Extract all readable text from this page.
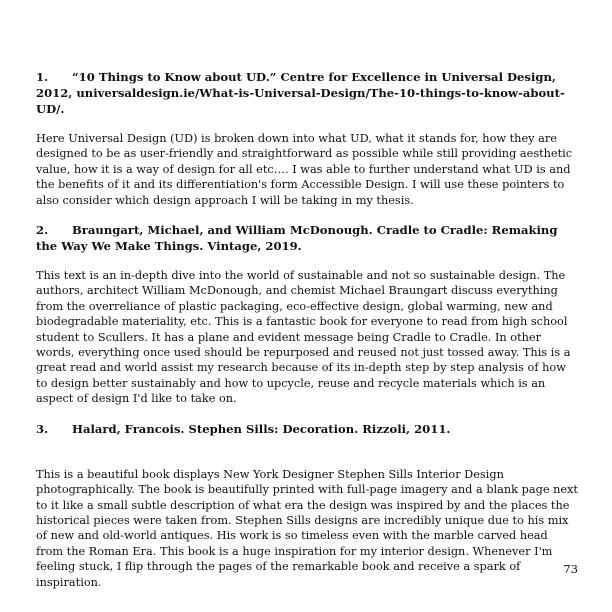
1. “10 Things to Know about UD.” Centre for Excellence in Universal Design, 2012, universaldesign.ie/What-is-Universal-Design/The-10-things-to-know-about-UD/.

Here Universal Design (UD) is broken down into what UD, what it stands for, how they are designed to be as user-friendly and straightforward as possible while still providing aesthetic value, how it is a way of design for all etc.… I was able to further understand what UD is and the benefits of it and its differentiation's form Accessible Design. I will use these pointers to also consider which design approach I will be taking in my thesis.

2. Braungart, Michael, and William McDonough. Cradle to Cradle: Remaking the Way We Make Things. Vintage, 2019.

This text is an in-depth dive into the world of sustainable and not so sustainable design. The authors, architect William McDonough, and chemist Michael Braungart discuss everything from the overreliance of plastic packaging, eco-effective design, global warming, new and biodegradable materiality, etc. This is a fantastic book for everyone to read from high school student to Scullers. It has a plane and evident message being Cradle to Cradle. In other words, everything once used should be repurposed and reused not just tossed away. This is a great read and world assist my research because of its in-depth step by step analysis of how to design better sustainably and how to upcycle, reuse and recycle materials which is an aspect of design I'd like to take on.

3. Halard, Francois. Stephen Sills: Decoration. Rizzoli, 2011.

This is a beautiful book displays New York Designer Stephen Sills Interior Design photographically. The book is beautifully printed with full-page imagery and a blank page next to it like a small subtle description of what era the design was inspired by and the places the historical pieces were taken from. Stephen Sills designs are incredibly unique due to his mix of new and old-world antiques. His work is so timeless even with the marble carved head from the Roman Era. This book is a huge inspiration for my interior design. Whenever I'm feeling stuck, I flip through the pages of the remarkable book and receive a spark of inspiration.

73
